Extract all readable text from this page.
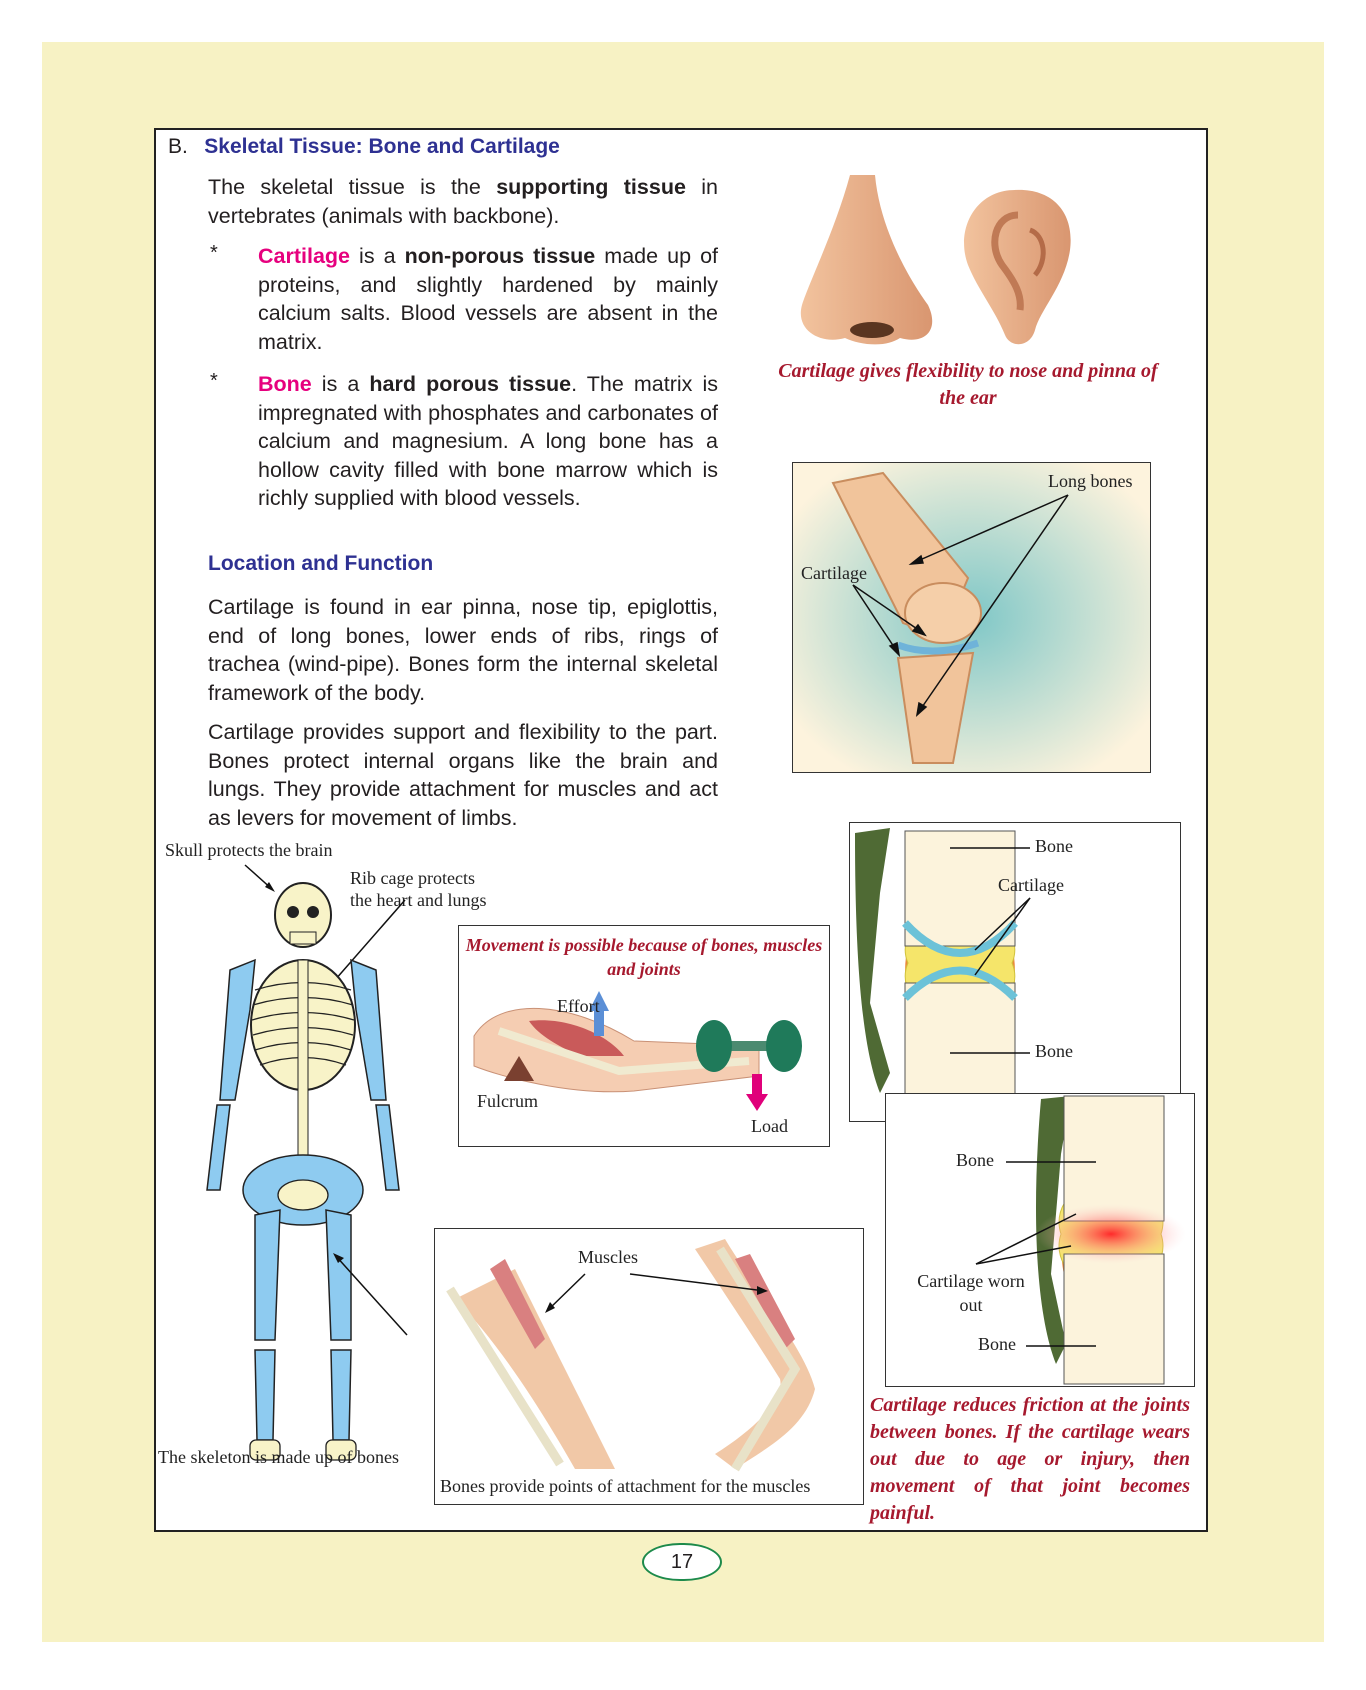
B. Skeletal Tissue: Bone and Cartilage
The skeletal tissue is the supporting tissue in vertebrates (animals with backbone).
* Cartilage is a non-porous tissue made up of proteins, and slightly hardened by mainly calcium salts. Blood vessels are absent in the matrix.
* Bone is a hard porous tissue. The matrix is impregnated with phosphates and carbonates of calcium and magnesium. A long bone has a hollow cavity filled with bone marrow which is richly supplied with blood vessels.
Location and Function
Cartilage is found in ear pinna, nose tip, epiglottis, end of long bones, lower ends of ribs, rings of trachea (wind-pipe). Bones form the internal skeletal framework of the body.
Cartilage provides support and flexibility to the part. Bones protect internal organs like the brain and lungs. They provide attachment for muscles and act as levers for movement of limbs.
Cartilage gives flexibility to nose and pinna of the ear
Long bones
Cartilage
Skull protects the brain
Rib cage protects the heart and lungs
The skeleton is made up of bones
Movement is possible because of bones, muscles and joints
Effort
Fulcrum
Load
Muscles
Bones provide points of attachment for the muscles
Bone
Cartilage
Bone
Bone
Cartilage worn out
Bone
Cartilage reduces friction at the joints between bones. If the cartilage wears out due to age or injury, then movement of that joint becomes painful.
17
